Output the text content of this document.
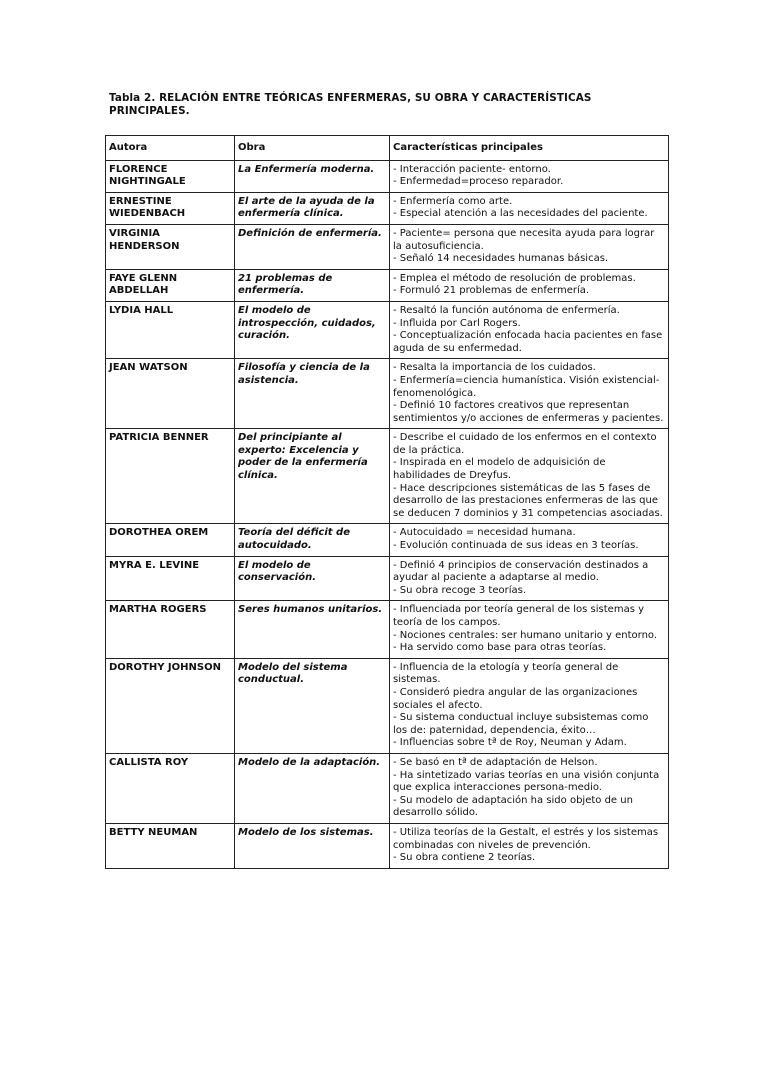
Tabla 2. RELACIÓN ENTRE TEÓRICAS ENFERMERAS, SU OBRA Y CARACTERÍSTICAS PRINCIPALES.
Autora	Obra	Características principales
FLORENCE NIGHTINGALE	La Enfermería moderna.	- Interacción paciente- entorno.
- Enfermedad=proceso reparador.

ERNESTINE WIEDENBACH	El arte de la ayuda de la enfermería clínica.	- Enfermería como arte.
- Especial atención a las necesidades del paciente.

VIRGINIA HENDERSON	Definición de enfermería.	- Paciente= persona que necesita ayuda para lograr la autosuficiencia.
- Señaló 14 necesidades humanas básicas.

FAYE GLENN ABDELLAH	21 problemas de enfermería.	- Emplea el método de resolución de problemas.
- Formuló 21 problemas de enfermería.

LYDIA HALL	El modelo de introspección, cuidados, curación.	- Resaltó la función autónoma de enfermería.
- Influida por Carl Rogers.
- Conceptualización enfocada hacia pacientes en fase aguda de su enfermedad.

JEAN WATSON	Filosofía y ciencia de la asistencia.	- Resalta la importancia de los cuidados.
- Enfermería=ciencia humanística. Visión existencial-fenomenológica.
- Definió 10 factores creativos que representan sentimientos y/o acciones de enfermeras y pacientes.

PATRICIA BENNER	Del principiante al experto: Excelencia y poder de la enfermería clínica.	- Describe el cuidado de los enfermos en el contexto de la práctica.
- Inspirada en el modelo de adquisición de habilidades de Dreyfus.
- Hace descripciones sistemáticas de las 5 fases de desarrollo de las prestaciones enfermeras de las que se deducen 7 dominios y 31 competencias asociadas.

DOROTHEA OREM	Teoría del déficit de autocuidado.	- Autocuidado = necesidad humana.
- Evolución continuada de sus ideas en 3 teorías.

MYRA E. LEVINE	El modelo de conservación.	- Definió 4 principios de conservación destinados a ayudar al paciente a adaptarse al medio.
- Su obra recoge 3 teorías.

MARTHA ROGERS	Seres humanos unitarios.	- Influenciada por teoría general de los sistemas y teoría de los campos.
- Nociones centrales: ser humano unitario y entorno.
- Ha servido como base para otras teorías.

DOROTHY JOHNSON	Modelo del sistema conductual.	- Influencia de la etología y teoría general de sistemas.
- Consideró piedra angular de las organizaciones sociales el afecto.
- Su sistema conductual incluye subsistemas como los de: paternidad, dependencia, éxito…
- Influencias sobre tª de Roy, Neuman y Adam.

CALLISTA ROY	Modelo de la adaptación.	- Se basó en tª de adaptación de Helson.
- Ha sintetizado varias teorías en una visión conjunta que explica interacciones persona-medio.
- Su modelo de adaptación ha sido objeto de un desarrollo sólido.

BETTY NEUMAN	Modelo de los sistemas.	- Utiliza teorías de la Gestalt, el estrés y los sistemas combinadas con niveles de prevención.
- Su obra contiene 2 teorías.
